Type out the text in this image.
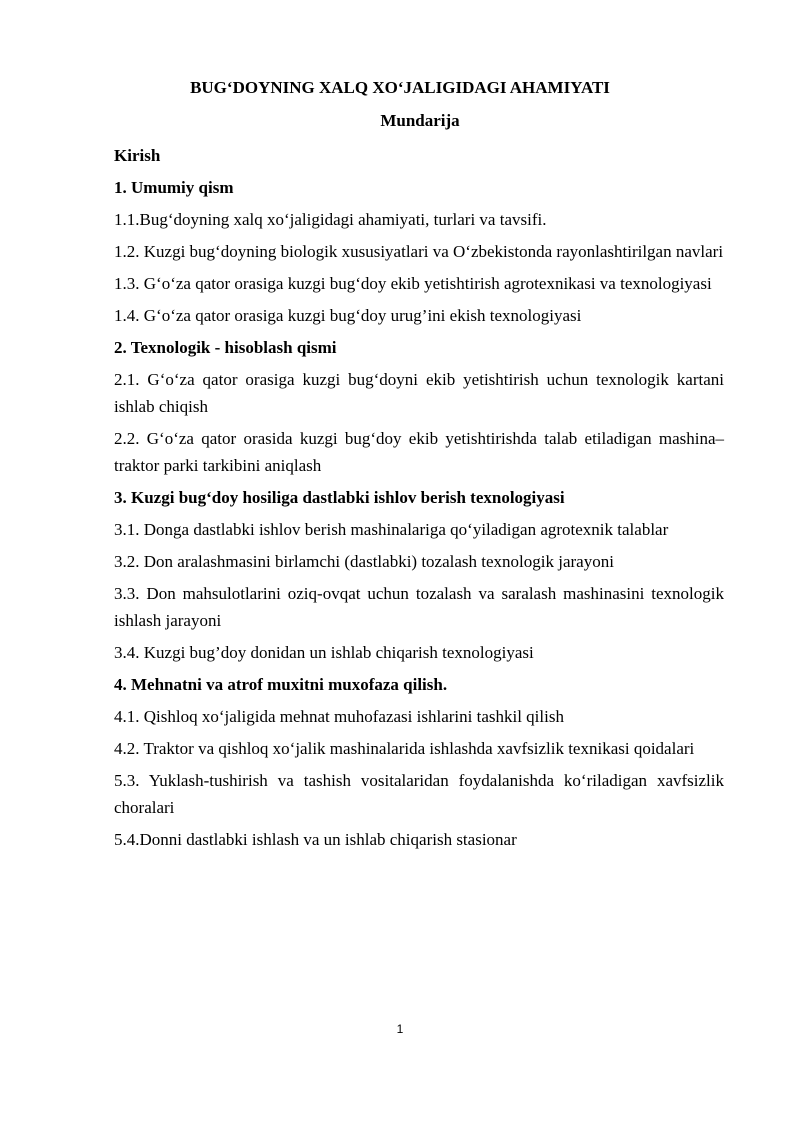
BUG‘DOYNING XALQ XO‘JALIGIDAGI AHAMIYATI
Mundarija
Kirish
1. Umumiy qism
1.1.Bug‘doyning xalq xo‘jaligidagi ahamiyati, turlari va tavsifi.
1.2. Kuzgi bug‘doyning biologik xususiyatlari va O‘zbekistonda rayonlashtirilgan navlari
1.3. G‘o‘za qator orasiga kuzgi bug‘doy ekib yetishtirish agrotexnikasi va texnologiyasi
1.4. G‘o‘za qator orasiga kuzgi bug‘doy urug’ini ekish texnologiyasi
2. Texnologik - hisoblash qismi
2.1. G‘o‘za qator orasiga kuzgi bug‘doyni ekib yetishtirish uchun texnologik kartani ishlab chiqish
2.2. G‘o‘za qator orasida kuzgi bug‘doy ekib yetishtirishda talab etiladigan mashina–traktor parki tarkibini aniqlash
3. Kuzgi bug‘doy hosiliga dastlabki ishlov berish texnologiyasi
3.1. Donga dastlabki ishlov berish mashinalariga qo‘yiladigan agrotexnik talablar
3.2. Don aralashmasini birlamchi (dastlabki) tozalash texnologik jarayoni
3.3. Don mahsulotlarini oziq-ovqat uchun tozalash va saralash mashinasini texnologik ishlash jarayoni
3.4. Kuzgi bug’doy donidan un ishlab chiqarish texnologiyasi
4. Mehnatni va atrof muxitni muxofaza qilish.
4.1. Qishloq xo‘jaligida mehnat muhofazasi ishlarini tashkil qilish
4.2. Traktor va qishloq xo‘jalik mashinalarida ishlashda xavfsizlik texnikasi qoidalari
5.3. Yuklash-tushirish va tashish vositalaridan foydalanishda ko‘riladigan xavfsizlik choralari
5.4.Donni dastlabki ishlash va un ishlab chiqarish stasionar
1
